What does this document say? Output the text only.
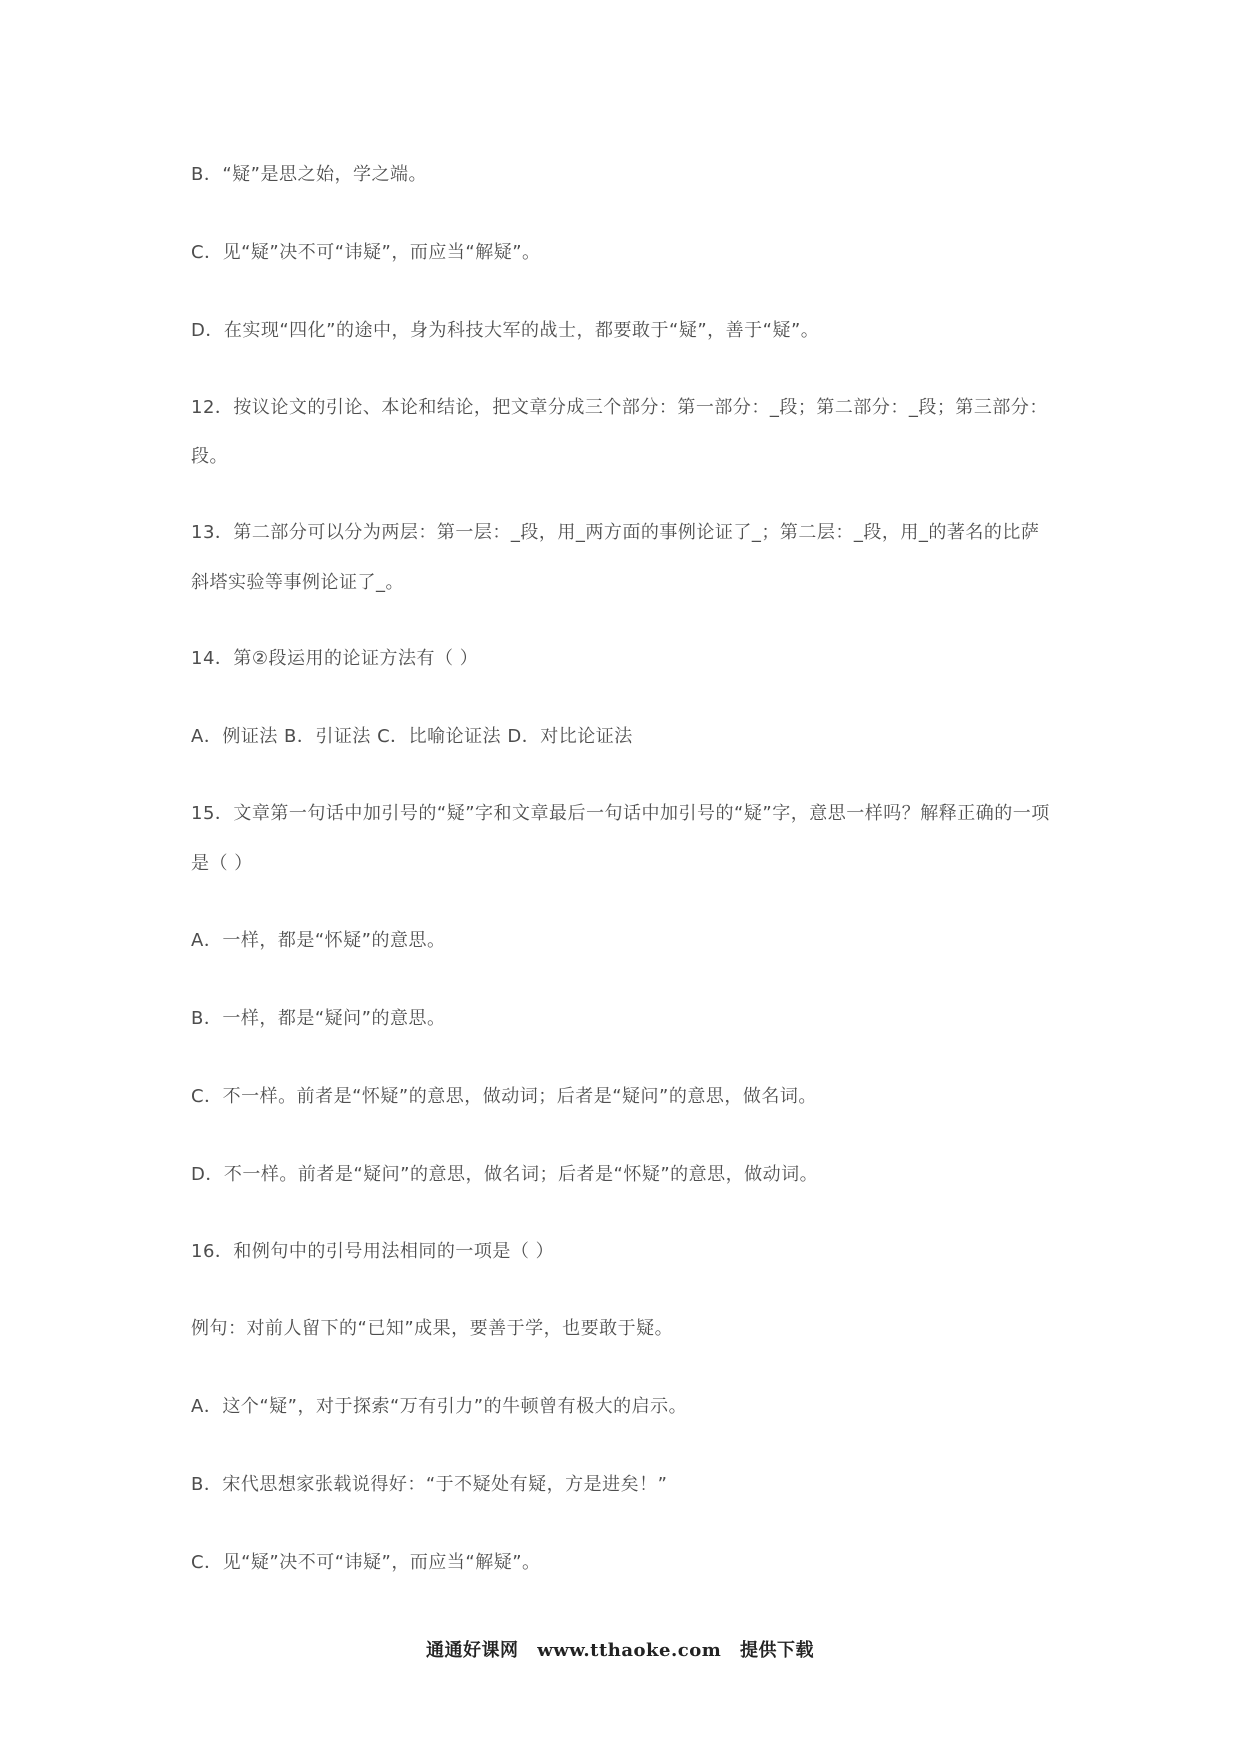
B．“疑”是思之始，学之端。
C．见“疑”决不可“讳疑”，而应当“解疑”。
D．在实现“四化”的途中，身为科技大军的战士，都要敢于“疑”，善于“疑”。
12．按议论文的引论、本论和结论，把文章分成三个部分：第一部分：_段；第二部分：_段；第三部分：
段。
13．第二部分可以分为两层：第一层：_段，用_两方面的事例论证了_；第二层：_段，用_的著名的比萨
斜塔实验等事例论证了_。
14．第②段运用的论证方法有（ ）
A．例证法 B．引证法 C．比喻论证法 D．对比论证法
15．文章第一句话中加引号的“疑”字和文章最后一句话中加引号的“疑”字，意思一样吗？解释正确的一项
是（ ）
A．一样，都是“怀疑”的意思。
B．一样，都是“疑问”的意思。
C．不一样。前者是“怀疑”的意思，做动词；后者是“疑问”的意思，做名词。
D．不一样。前者是“疑问”的意思，做名词；后者是“怀疑”的意思，做动词。
16．和例句中的引号用法相同的一项是（ ）
例句：对前人留下的“已知”成果，要善于学，也要敢于疑。
A．这个“疑”，对于探索“万有引力”的牛顿曾有极大的启示。
B．宋代思想家张载说得好：“于不疑处有疑，方是进矣！”
C．见“疑”决不可“讳疑”，而应当“解疑”。
通通好课网 www.tthaoke.com 提供下载
